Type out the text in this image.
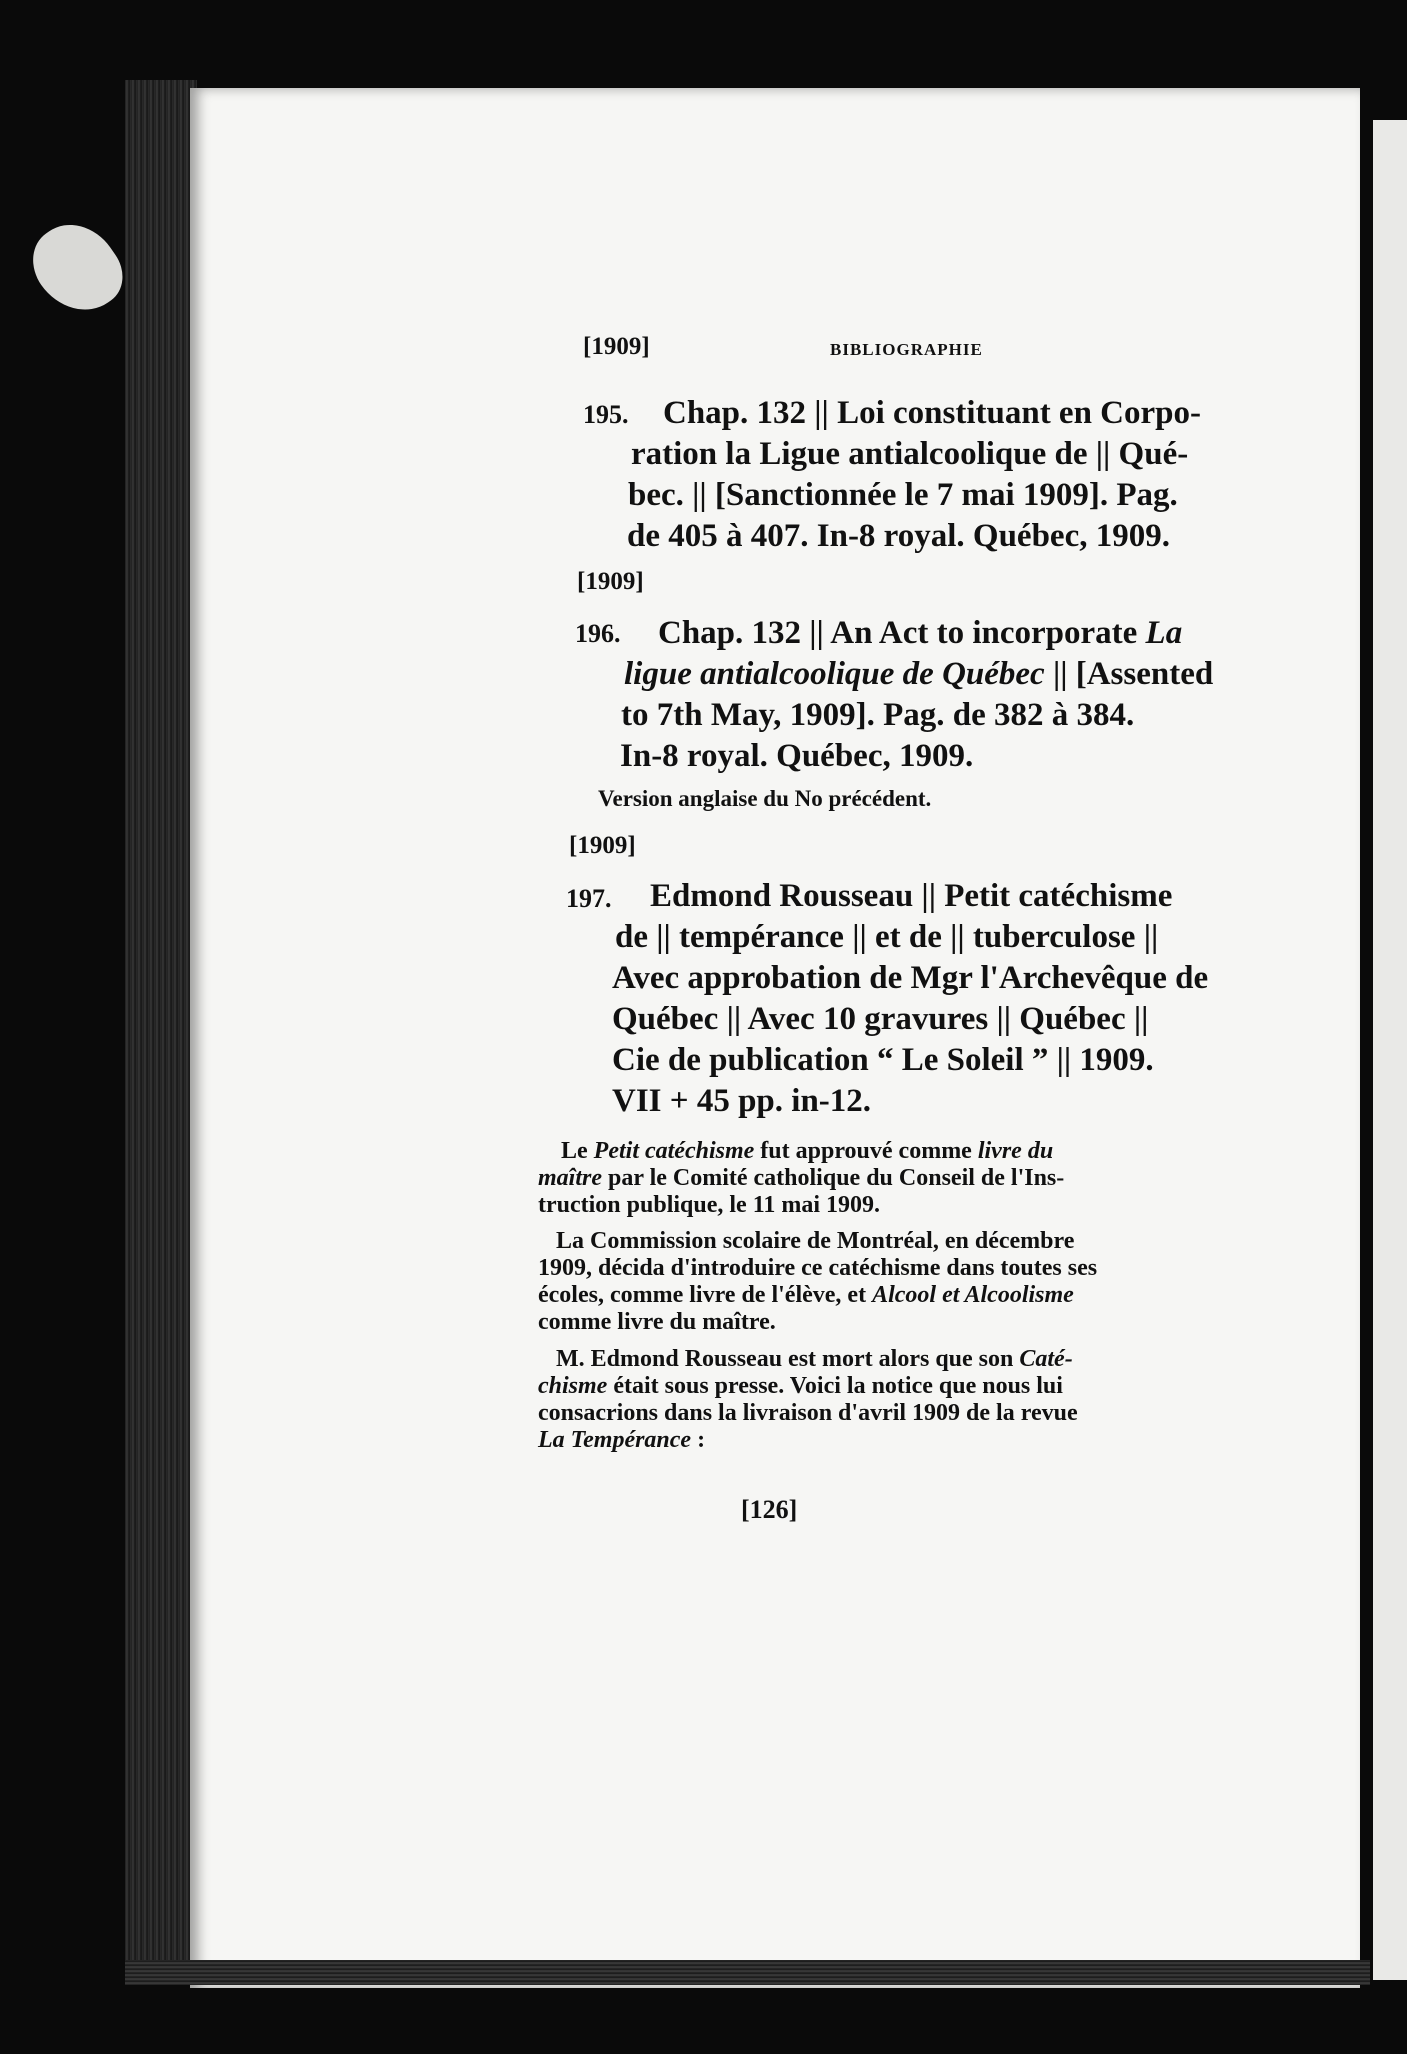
[1909]	BIBLIOGRAPHIE
195. Chap. 132 || Loi constituant en Corpo-
ration la Ligue antialcoolique de || Qué-
bec. || [Sanctionnée le 7 mai 1909]. Pag.
de 405 à 407. In-8 royal. Québec, 1909.
[1909]
196. Chap. 132 || An Act to incorporate La
ligue antialcoolique de Québec || [Assented
to 7th May, 1909]. Pag. de 382 à 384.
In-8 royal. Québec, 1909.
Version anglaise du No précédent.
[1909]
197. Edmond Rousseau || Petit catéchisme
de || tempérance || et de || tuberculose ||
Avec approbation de Mgr l'Archevêque de
Québec || Avec 10 gravures || Québec ||
Cie de publication “ Le Soleil ” || 1909.
VII + 45 pp. in-12.
Le Petit catéchisme fut approuvé comme livre du
maître par le Comité catholique du Conseil de l'Ins-
truction publique, le 11 mai 1909.
La Commission scolaire de Montréal, en décembre
1909, décida d'introduire ce catéchisme dans toutes ses
écoles, comme livre de l'élève, et Alcool et Alcoolisme
comme livre du maître.
M. Edmond Rousseau est mort alors que son Caté-
chisme était sous presse. Voici la notice que nous lui
consacrions dans la livraison d'avril 1909 de la revue
La Tempérance :
[126]
